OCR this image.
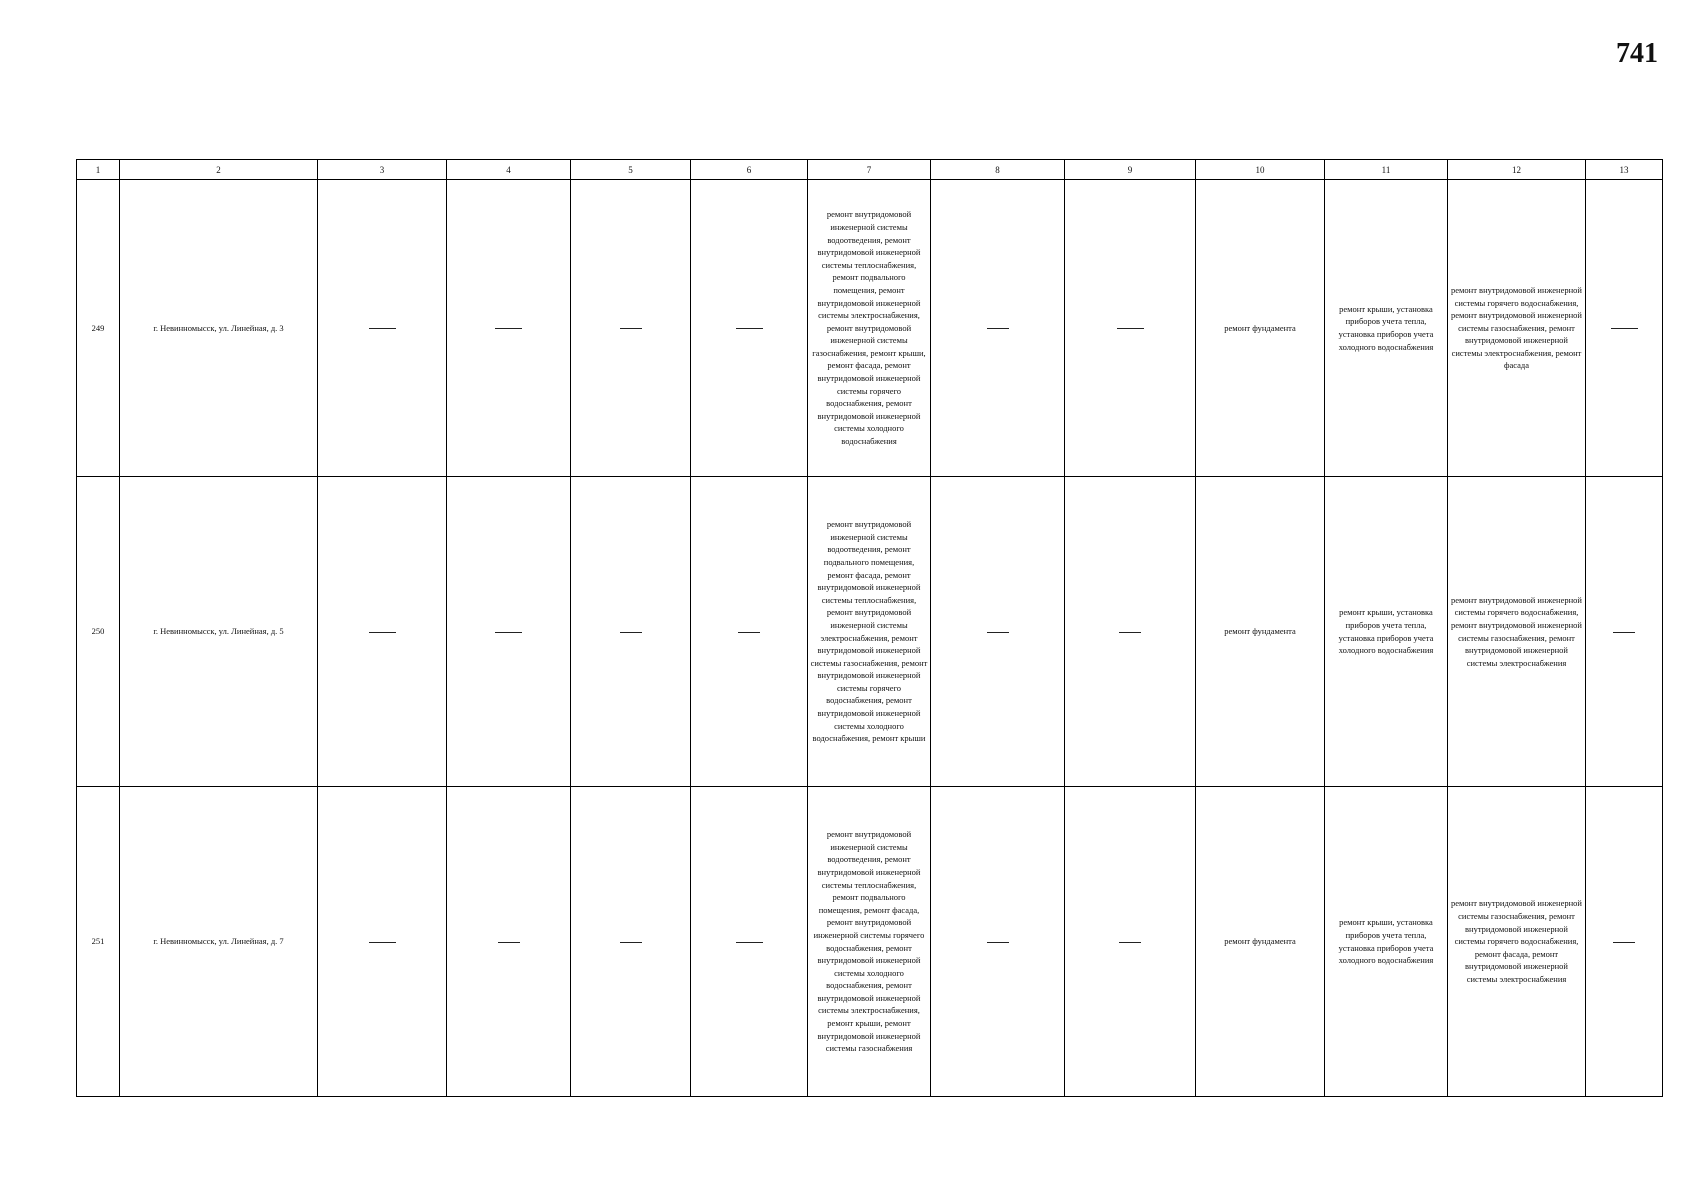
741
1	2	3	4	5	6	7	8	9	10	11	12	13
249	г. Невинномысск, ул. Линейная, д. 3					ремонт внутридомовой инженерной системы водоотведения, ремонт внутридомовой инженерной системы теплоснабжения, ремонт подвального помещения, ремонт внутридомовой инженерной системы электроснабжения, ремонт внутридомовой инженерной системы газоснабжения, ремонт крыши, ремонт фасада, ремонт внутридомовой инженерной системы горячего водоснабжения, ремонт внутридомовой инженерной системы холодного водоснабжения			ремонт фундамента	ремонт крыши, установка приборов учета тепла, установка приборов учета холодного водоснабжения	ремонт внутридомовой инженерной системы горячего водоснабжения, ремонт внутридомовой инженерной системы газоснабжения, ремонт внутридомовой инженерной системы электроснабжения, ремонт фасада	
250	г. Невинномысск, ул. Линейная, д. 5					ремонт внутридомовой инженерной системы водоотведения, ремонт подвального помещения, ремонт фасада, ремонт внутридомовой инженерной системы теплоснабжения, ремонт внутридомовой инженерной системы электроснабжения, ремонт внутридомовой инженерной системы газоснабжения, ремонт внутридомовой инженерной системы горячего водоснабжения, ремонт внутридомовой инженерной системы холодного водоснабжения, ремонт крыши			ремонт фундамента	ремонт крыши, установка приборов учета тепла, установка приборов учета холодного водоснабжения	ремонт внутридомовой инженерной системы горячего водоснабжения, ремонт внутридомовой инженерной системы газоснабжения, ремонт внутридомовой инженерной системы электроснабжения	
251	г. Невинномысск, ул. Линейная, д. 7					ремонт внутридомовой инженерной системы водоотведения, ремонт внутридомовой инженерной системы теплоснабжения, ремонт подвального помещения, ремонт фасада, ремонт внутридомовой инженерной системы горячего водоснабжения, ремонт внутридомовой инженерной системы холодного водоснабжения, ремонт внутридомовой инженерной системы электроснабжения, ремонт крыши, ремонт внутридомовой инженерной системы газоснабжения			ремонт фундамента	ремонт крыши, установка приборов учета тепла, установка приборов учета холодного водоснабжения	ремонт внутридомовой инженерной системы газоснабжения, ремонт внутридомовой инженерной системы горячего водоснабжения, ремонт фасада, ремонт внутридомовой инженерной системы электроснабжения	
